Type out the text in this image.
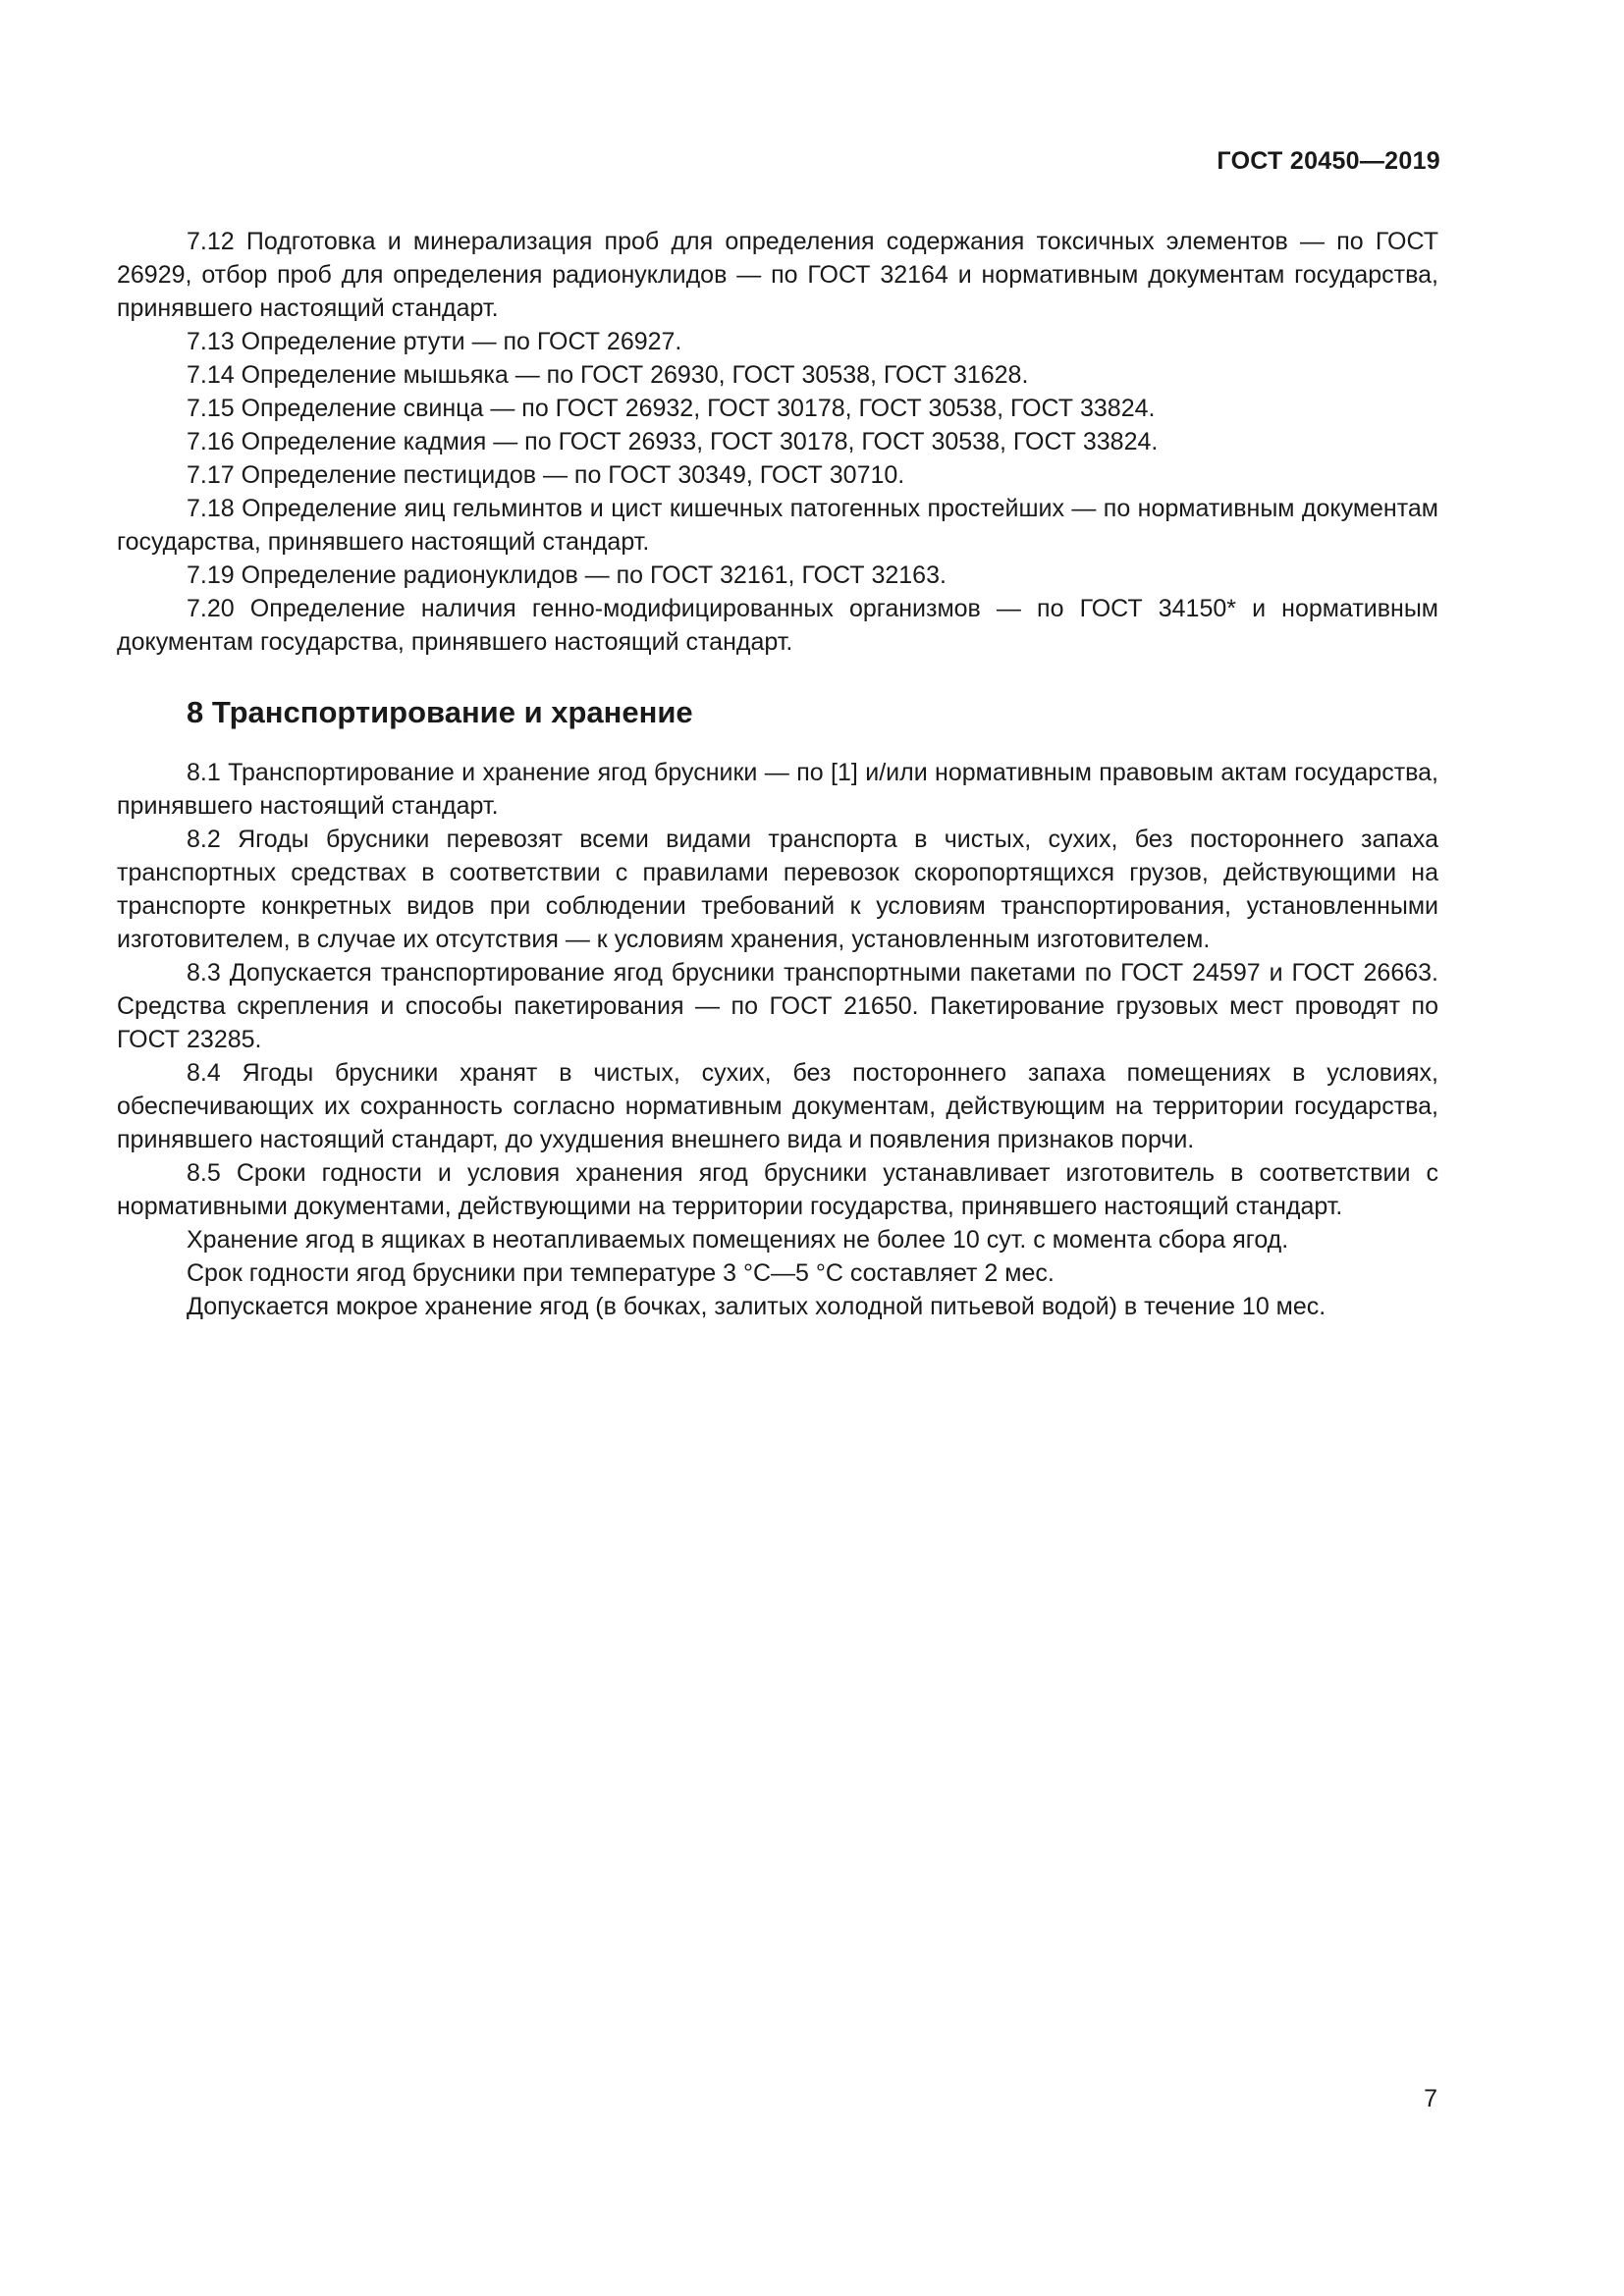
ГОСТ 20450—2019

7.12 Подготовка и минерализация проб для определения содержания токсичных элементов — по ГОСТ 26929, отбор проб для определения радионуклидов — по ГОСТ 32164 и нормативным документам государства, принявшего настоящий стандарт.

7.13 Определение ртути — по ГОСТ 26927.

7.14 Определение мышьяка — по ГОСТ 26930, ГОСТ 30538, ГОСТ 31628.

7.15 Определение свинца — по ГОСТ 26932, ГОСТ 30178, ГОСТ 30538, ГОСТ 33824.

7.16 Определение кадмия — по ГОСТ 26933, ГОСТ 30178, ГОСТ 30538, ГОСТ 33824.

7.17 Определение пестицидов — по ГОСТ 30349, ГОСТ 30710.

7.18 Определение яиц гельминтов и цист кишечных патогенных простейших — по нормативным документам государства, принявшего настоящий стандарт.

7.19 Определение радионуклидов — по ГОСТ 32161, ГОСТ 32163.

7.20 Определение наличия генно-модифицированных организмов — по ГОСТ 34150* и нормативным документам государства, принявшего настоящий стандарт.

8 Транспортирование и хранение

8.1 Транспортирование и хранение ягод брусники — по [1] и/или нормативным правовым актам государства, принявшего настоящий стандарт.

8.2 Ягоды брусники перевозят всеми видами транспорта в чистых, сухих, без постороннего запаха транспортных средствах в соответствии с правилами перевозок скоропортящихся грузов, действующими на транспорте конкретных видов при соблюдении требований к условиям транспортирования, установленными изготовителем, в случае их отсутствия — к условиям хранения, установленным изготовителем.

8.3 Допускается транспортирование ягод брусники транспортными пакетами по ГОСТ 24597 и ГОСТ 26663. Средства скрепления и способы пакетирования — по ГОСТ 21650. Пакетирование грузовых мест проводят по ГОСТ 23285.

8.4 Ягоды брусники хранят в чистых, сухих, без постороннего запаха помещениях в условиях, обеспечивающих их сохранность согласно нормативным документам, действующим на территории государства, принявшего настоящий стандарт, до ухудшения внешнего вида и появления признаков порчи.

8.5 Сроки годности и условия хранения ягод брусники устанавливает изготовитель в соответствии с нормативными документами, действующими на территории государства, принявшего настоящий стандарт.

Хранение ягод в ящиках в неотапливаемых помещениях не более 10 сут. с момента сбора ягод.

Срок годности ягод брусники при температуре 3 °С—5 °С составляет 2 мес.

Допускается мокрое хранение ягод (в бочках, залитых холодной питьевой водой) в течение 10 мес.

7
